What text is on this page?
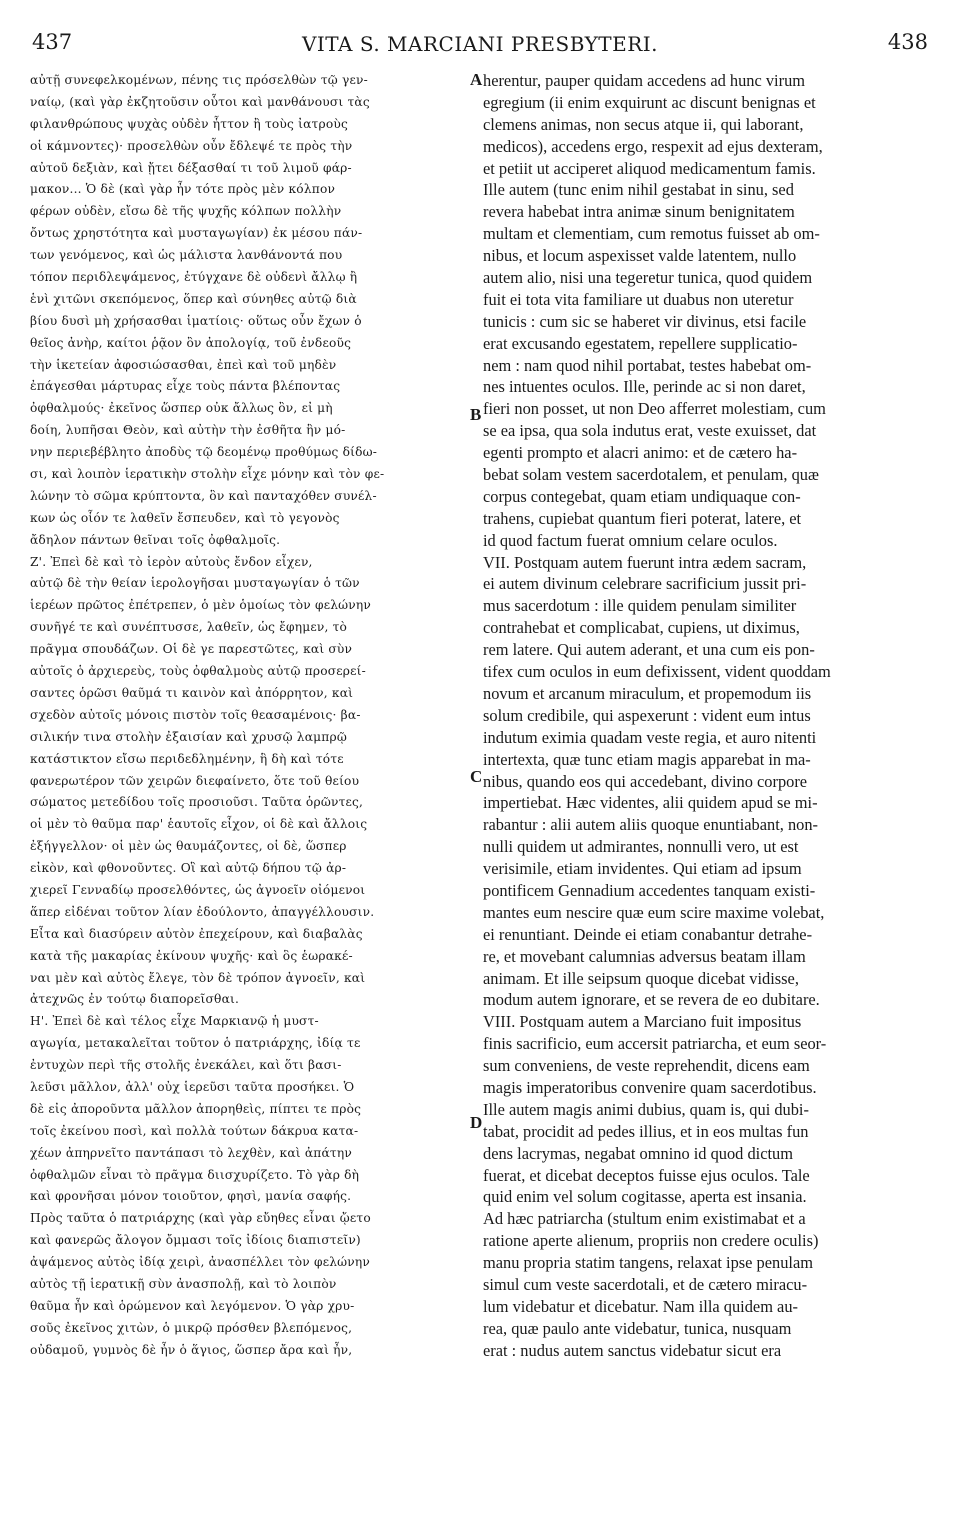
437	VITA S. MARCIANI PRESBYTERI.	438
αὐτῇ συνεφελκομένων, πένης τις πρόσελθὼν τῷ γεν-
ναίῳ, (καὶ γὰρ ἐκζητοῦσιν οὗτοι καὶ μανθάνουσι τὰς
φιλανθρώπους ψυχὰς οὐδὲν ἧττον ἢ τοὺς ἰατροὺς
οἱ κάμνοντες)· προσελθὼν οὖν ἔδλεψέ τε πρὸς τὴν
αὐτοῦ δεξιὰν, καὶ ᾔτει δέξασθαί τι τοῦ λιμοῦ φάρ-
μακον... Ὁ δὲ (καὶ γὰρ ἦν τότε πρὸς μὲν κόλπον
φέρων οὐδὲν, εἴσω δὲ τῆς ψυχῆς κόλπων πολλὴν
ὄντως χρηστότητα καὶ μυσταγωγίαν) ἐκ μέσου πάν-
των γενόμενος, καὶ ὡς μάλιστα λανθάνοντά που
τόπον περιδλεψάμενος, ἐτύγχανε δὲ οὐδενὶ ἄλλῳ ἢ
ἑνὶ χιτῶνι σκεπόμενος, ὅπερ καὶ σύνηθες αὐτῷ διὰ
βίου δυσὶ μὴ χρήσασθαι ἱματίοις· οὕτως οὖν ἔχων ὁ
θεῖος ἀνὴρ, καίτοι ῥᾷον ὂν ἀπολογίᾳ, τοῦ ἐνδεοῦς
τὴν ἱκετείαν ἀφοσιώσασθαι, ἐπεὶ καὶ τοῦ μηδὲν
ἐπάγεσθαι μάρτυρας εἶχε τοὺς πάντα βλέποντας
ὀφθαλμούς· ἐκεῖνος ὥσπερ οὐκ ἄλλως ὂν, εἰ μὴ
δοίη, λυπῆσαι Θεὸν, καὶ αὐτὴν τὴν ἐσθῆτα ἣν μό-
νην περιεβέβλητο ἀποδὺς τῷ δεομένῳ προθύμως δίδω-
σι, καὶ λοιπὸν ἱερατικὴν στολὴν εἶχε μόνην καὶ τὸν φε-
λώνην τὸ σῶμα κρύπτοντα, ὃν καὶ πανταχόθεν συνέλ-
κων ὡς οἷόν τε λαθεῖν ἔσπευδεν, καὶ τὸ γεγονὸς
ἄδηλον πάντων θεῖναι τοῖς ὀφθαλμοῖς.
Ζ'. Ἐπεὶ δὲ καὶ τὸ ἱερὸν αὐτοὺς ἔνδον εἶχεν,
αὐτῷ δὲ τὴν θείαν ἱερολογῆσαι μυσταγωγίαν ὁ τῶν
ἱερέων πρῶτος ἐπέτρεπεν, ὁ μὲν ὁμοίως τὸν φελώνην
συνῆγέ τε καὶ συνέπτυσσε, λαθεῖν, ὡς ἔφημεν, τὸ
πρᾶγμα σπουδάζων. Οἱ δὲ γε παρεστῶτες, καὶ σὺν
αὐτοῖς ὁ ἀρχιερεὺς, τοὺς ὀφθαλμοὺς αὐτῷ προσερεί-
σαντες ὁρῶσι θαῦμά τι καινὸν καὶ ἀπόρρητον, καὶ
σχεδὸν αὐτοῖς μόνοις πιστὸν τοῖς θεασαμένοις· βα-
σιλικήν τινα στολὴν ἐξαισίαν καὶ χρυσῷ λαμπρῷ
κατάστικτον εἴσω περιδεδλημένην, ἣ δὴ καὶ τότε
φανερωτέρον τῶν χειρῶν διεφαίνετο, ὅτε τοῦ θείου
σώματος μετεδίδου τοῖς προσιοῦσι. Ταῦτα ὁρῶντες,
οἱ μὲν τὸ θαῦμα παρ' ἑαυτοῖς εἶχον, οἱ δὲ καὶ ἄλλοις
ἐξήγγελλον· οἱ μὲν ὡς θαυμάζοντες, οἱ δὲ, ὥσπερ
εἰκὸν, καὶ φθονοῦντες. Οἳ καὶ αὐτῷ δήπου τῷ ἀρ-
χιερεῖ Γενναδίῳ προσελθόντες, ὡς ἀγνοεῖν οἰόμενοι
ἅπερ εἰδέναι τοῦτον λίαν ἐδούλοντο, ἀπαγγέλλουσιν.
Εἶτα καὶ διασύρειν αὐτὸν ἐπεχείρουν, καὶ διαβαλὰς
κατὰ τῆς μακαρίας ἐκίνουν ψυχῆς· καὶ ὃς ἑωρακέ-
ναι μὲν καὶ αὐτὸς ἔλεγε, τὸν δὲ τρόπον ἀγνοεῖν, καὶ
ἀτεχνῶς ἐν τούτῳ διαπορεῖσθαι.
Η'. Ἐπεὶ δὲ καὶ τέλος εἶχε Μαρκιανῷ ἡ μυστ-
αγωγία, μετακαλεῖται τοῦτον ὁ πατριάρχης, ἰδίᾳ τε
ἐντυχὼν περὶ τῆς στολῆς ἐνεκάλει, καὶ ὅτι βασι-
λεῦσι μᾶλλον, ἀλλ' οὐχ ἱερεῦσι ταῦτα προσήκει. Ὁ
δὲ εἰς ἀποροῦντα μᾶλλον ἀπορηθεὶς, πίπτει τε πρὸς
τοῖς ἐκείνου ποσὶ, καὶ πολλὰ τούτων δάκρυα κατα-
χέων ἀπηρνεῖτο παντάπασι τὸ λεχθὲν, καὶ ἀπάτην
ὀφθαλμῶν εἶναι τὸ πρᾶγμα διισχυρίζετο. Τὸ γὰρ δὴ
καὶ φρονῆσαι μόνον τοιοῦτον, φησὶ, μανία σαφής.
Πρὸς ταῦτα ὁ πατριάρχης (καὶ γὰρ εὔηθες εἶναι ᾤετο
καὶ φανερῶς ἄλογον ὄμμασι τοῖς ἰδίοις διαπιστεῖν)
ἀψάμενος αὐτὸς ἰδίᾳ χειρὶ, ἀνασπέλλει τὸν φελώνην
αὐτὸς τῇ ἱερατικῇ σὺν ἀνασπολῇ, καὶ τὸ λοιπὸν
θαῦμα ἦν καὶ ὁρώμενον καὶ λεγόμενον. Ὁ γὰρ χρυ-
σοῦς ἐκεῖνος χιτὼν, ὁ μικρῷ πρόσθεν βλεπόμενος,
οὐδαμοῦ, γυμνὸς δὲ ἦν ὁ ἅγιος, ὥσπερ ἄρα καὶ ἦν,
herentur, pauper quidam accedens ad hunc virum
egregium (ii enim exquirunt ac discunt benignas et
clemens animas, non secus atque ii, qui laborant,
medicos), accedens ergo, respexit ad ejus dexteram,
et petiit ut acciperet aliquod medicamentum famis.
Ille autem (tunc enim nihil gestabat in sinu, sed
revera habebat intra animæ sinum benignitatem
multam et clementiam, cum remotus fuisset ab om-
nibus, et locum aspexisset valde latentem, nullo
autem alio, nisi una tegeretur tunica, quod quidem
fuit ei tota vita familiare ut duabus non uteretur
tunicis : cum sic se haberet vir divinus, etsi facile
erat excusando egestatem, repellere supplicatio-
nem : nam quod nihil portabat, testes habebat om-
nes intuentes oculos. Ille, perinde ac si non daret,
fieri non posset, ut non Deo afferret molestiam, cum
se ea ipsa, qua sola indutus erat, veste exuisset, dat
egenti prompto et alacri animo: et de cætero ha-
bebat solam vestem sacerdotalem, et penulam, quæ
corpus contegebat, quam etiam undiquaque con-
trahens, cupiebat quantum fieri poterat, latere, et
id quod factum fuerat omnium celare oculos.
VII. Postquam autem fuerunt intra ædem sacram,
ei autem divinum celebrare sacrificium jussit pri-
mus sacerdotum : ille quidem penulam similiter
contrahebat et complicabat, cupiens, ut diximus,
rem latere. Qui autem aderant, et una cum eis pon-
tifex cum oculos in eum defixissent, vident quoddam
novum et arcanum miraculum, et propemodum iis
solum credibile, qui aspexerunt : vident eum intus
indutum eximia quadam veste regia, et auro nitenti
intertexta, quæ tunc etiam magis apparebat in ma-
nibus, quando eos qui accedebant, divino corpore
impertiebat. Hæc videntes, alii quidem apud se mi-
rabantur : alii autem aliis quoque enuntiabant, non-
nulli quidem ut admirantes, nonnulli vero, ut est
verisimile, etiam invidentes. Qui etiam ad ipsum
pontificem Gennadium accedentes tanquam existi-
mantes eum nescire quæ eum scire maxime volebat,
ei renuntiant. Deinde ei etiam conabantur detrahe-
re, et movebant calumnias adversus beatam illam
animam. Et ille seipsum quoque dicebat vidisse,
modum autem ignorare, et se revera de eo dubitare.
VIII. Postquam autem a Marciano fuit impositus
finis sacrificio, eum accersit patriarcha, et eum seor-
sum conveniens, de veste reprehendit, dicens eam
magis imperatoribus convenire quam sacerdotibus.
Ille autem magis animi dubius, quam is, qui dubi-
tabat, procidit ad pedes illius, et in eos multas fun
dens lacrymas, negabat omnino id quod dictum
fuerat, et dicebat deceptos fuisse ejus oculos. Tale
quid enim vel solum cogitasse, aperta est insania.
Ad hæc patriarcha (stultum enim existimabat et a
ratione aperte alienum, propriis non credere oculis)
manu propria statim tangens, relaxat ipse penulam
simul cum veste sacerdotali, et de cætero miracu-
lum videbatur et dicebatur. Nam illa quidem au-
rea, quæ paulo ante videbatur, tunica, nusquam
erat : nudus autem sanctus videbatur sicut era
A
B
C
D
